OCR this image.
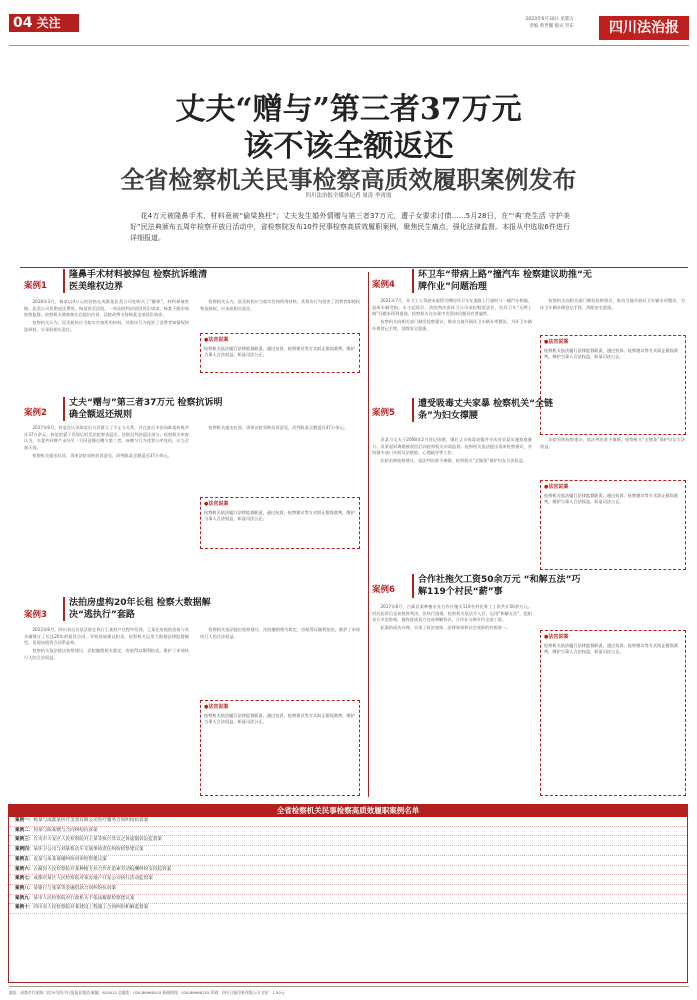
04 关注	2023年6月30日 星期五
责编 黄世馨 版式 罗东	四川法治报
丈夫“赠与”第三者37万元
该不该全额返还
全省检察机关民事检察高质效履职案例发布
四川法治报全媒体记者 周涛 李霄霞
花4万元被隆鼻手术，材料竟被“偷梁换柱”；丈夫发生婚外情赠与第三者37万元，遭子女要求讨债……5月28日，在“‘典’亮生活 守护美好”民法典颁布五周年检察开放日活动中，省检察院发布10件民事检察高质效履职案例，聚焦民生痛点，强化法律监督。本报从中选取6件进行详细报道。
案例1
隆鼻手术材料被掉包 检察抗诉维清医美维权边界

2018年3月，杨某以4万元的价格在成都某医美公司处购买了“膨体”，材料却被更换。医美公司拒绝退还费用，杨某诉至法院。一审法院判决驳回诉讼请求，杨某不服申请检察监督。检察机关调查核实后提出抗诉，法院改判支持杨某全部诉讼请求。

检察机关认为，医美机构应当如实告知所用材料，其欺诈行为侵害了消费者知情权和选择权，应承担相应责任。

检察机关认为，医美机构应当如实告知所用材料，其欺诈行为侵害了消费者知情权和选择权，应承担相应责任。

●法官说案
检察机关依法履行法律监督职责，通过抗诉、检察建议等方式纠正错误裁判，维护当事人合法权益，彰显司法公正。
案例2
丈夫“赠与”第三者37万元 检察抗诉明确全额返还规则

2017年8月，何某在认识陈某后与其建立了不正当关系，并在此后多次向陈某转账共计37万余元。何某的妻子发现后诉至法院要求返还，法院仅判决返还部分。检察机关审查认为，夫妻共同财产未经另一方同意擅自赠与第三者，该赠与行为违背公序良俗，应当全部无效。

检察机关提出抗诉，再审法院采纳抗诉意见，改判陈某全额返还37万余元。

检察机关提出抗诉，再审法院采纳抗诉意见，改判陈某全额返还37万余元。

●法官说案
检察机关依法履行法律监督职责，通过抗诉、检察建议等方式纠正错误裁判，维护当事人合法权益，彰显司法公正。
案例3
法拍房虚构20年长租 检察大数据解决“逃执行”套路

2022年8月，四川省自贡某法院在执行王某财产过程中发现，王某在房屋拍卖前与其亲属签订了长达20年的租赁合同，导致房屋难以拍卖。检察机关运用大数据法律监督模型，发现该租赁合同系虚构。

检察机关依法提出检察建议，法院撤销相关裁定，房屋得以顺利拍卖，维护了申请执行人的合法权益。

检察机关依法提出检察建议，法院撤销相关裁定，房屋得以顺利拍卖，维护了申请执行人的合法权益。

●法官说案
检察机关依法履行法律监督职责，通过抗诉、检察建议等方式纠正错误裁判，维护当事人合法权益，彰显司法公正。
案例4
环卫车“带病上路”撞汽车 检察建议助推“无牌作业”问题治理

2021年7月，环卫工人驾驶未取得号牌的环卫车在道路上行驶时与一辆汽车相撞，造成车辆受损。车主起诉后，法院判决由环卫公司承担赔偿责任，但环卫车“无牌上路”问题未得到重视。检察机关在办案中发现该问题具有普遍性。

检察机关向相关部门制发检察建议，推动当地开展环卫车辆专项整治，为环卫车辆办理登记手续，消除安全隐患。

检察机关向相关部门制发检察建议，推动当地开展环卫车辆专项整治，为环卫车辆办理登记手续，消除安全隐患。

●法官说案
检察机关依法履行法律监督职责，通过抗诉、检察建议等方式纠正错误裁判，维护当事人合法权益，彰显司法公正。
案例5
遭受吸毒丈夫家暴 检察机关“全链条”为妇女撑腰

袁某与丈夫于2008年2月登记结婚，婚后丈夫吸毒成瘾并多次对袁某实施家庭暴力。袁某起诉离婚被驳回后向检察机关申请监督。检察机关依法提出再审检察建议，并协调多部门开展司法救助、心理疏导等工作。

法院采纳检察建议，依法判决准予离婚，检察机关“全链条”保护妇女合法权益。

法院采纳检察建议，依法判决准予离婚，检察机关“全链条”保护妇女合法权益。

●法官说案
检察机关依法履行法律监督职责，通过抗诉、检察建议等方式纠正错误裁判，维护当事人合法权益，彰显司法公正。
案例6
合作社拖欠工资50余万元 “和解五法”巧解119个村民“薪”事

2017年8月，古蔺县某种植专业合作社拖欠119名村民务工工资共计50余万元。村民起诉后虽获胜诉判决，但执行困难。检察机关依法介入后，运用“和解五法”，组织各方多次协商，最终促成双方达成和解协议，合作社分期支付全部工资。

此案的成功办理，实现了政治效果、法律效果和社会效果的有机统一。

●法官说案
检察机关依法履行法律监督职责，通过抗诉、检察建议等方式纠正错误裁判，维护当事人合法权益，彰显司法公正。
全省检察机关民事检察高质效履职案例名单
案例一：杨某与成都某医疗美容有限公司医疗服务合同纠纷抗诉案
案例二：何某与陈某赠与合同纠纷抗诉案
案例三：自贡市大安区人民检察院对王某等执行异议之诉虚假诉讼监督案
案例四：某环卫公司与刘某机动车交通事故责任纠纷检察建议案
案例五：袁某与朱某离婚纠纷再审检察建议案
案例六：古蔺县人民检察院对某种植专业合作社追索劳动报酬纠纷支持起诉案
案例七：成都市某区人民检察院对某房地产开发公司执行活动监督案
案例八：某银行与张某等金融借款合同纠纷抗诉案
案例九：某市人民检察院对行政机关不依法履职检察建议案
案例十：四川省人民检察院对某建设工程施工合同纠纷和解监督案
地址：成都市红星路二段70号四川日报报业集团 邮编：610012 总编室：028-86968203 新闻热线：028-86968255 印刷：四川日报印务有限公司 定价：1.50元
